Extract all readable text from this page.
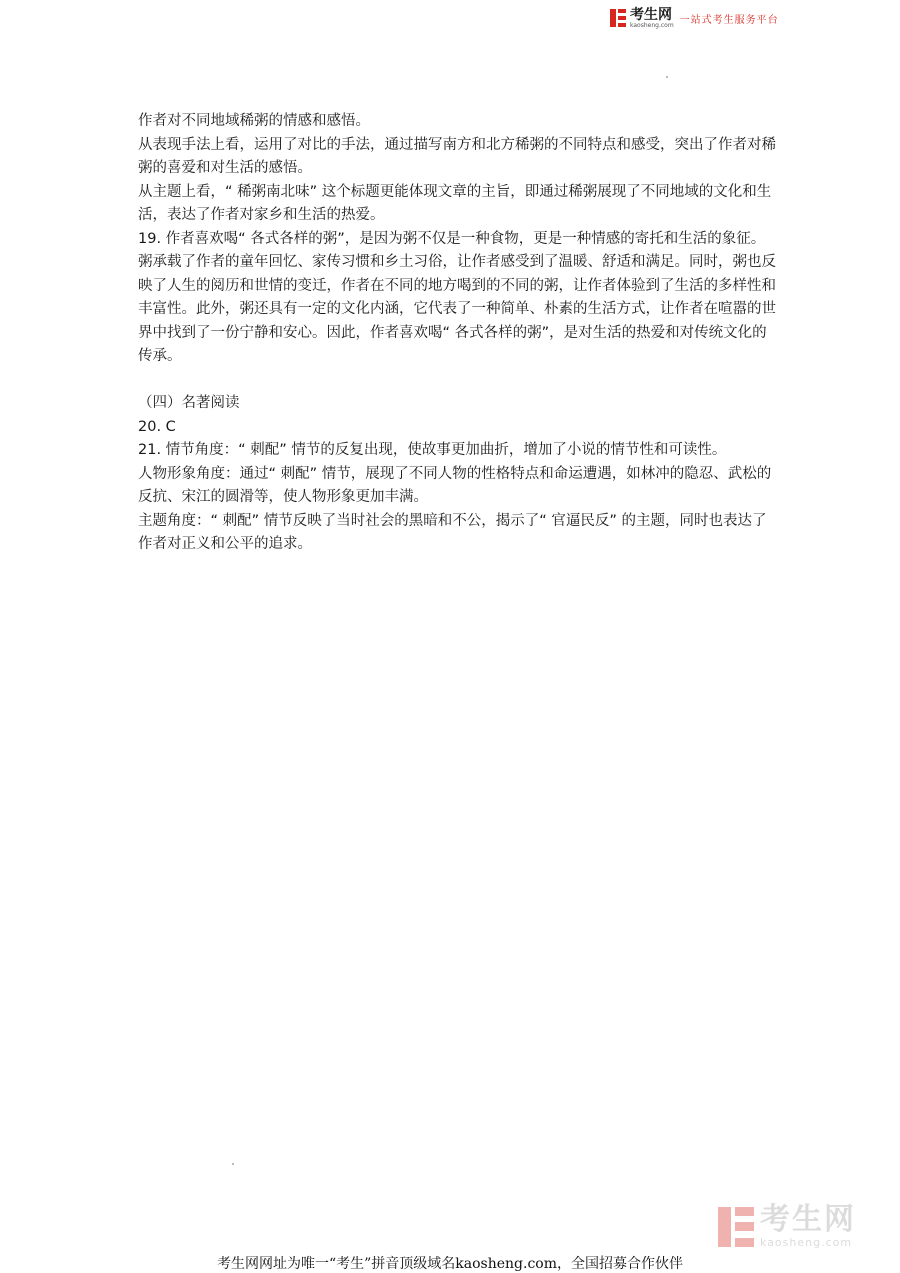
考生网
kaosheng.com 一站式考生服务平台

作者对不同地域稀粥的情感和感悟。

从表现手法上看，运用了对比的手法，通过描写南方和北方稀粥的不同特点和感受，突出了作者对稀粥的喜爱和对生活的感悟。

从主题上看，“ 稀粥南北味” 这个标题更能体现文章的主旨，即通过稀粥展现了不同地域的文化和生活，表达了作者对家乡和生活的热爱。

19. 作者喜欢喝“ 各式各样的粥”，是因为粥不仅是一种食物，更是一种情感的寄托和生活的象征。粥承载了作者的童年回忆、家传习惯和乡土习俗，让作者感受到了温暖、舒适和满足。同时，粥也反映了人生的阅历和世情的变迁，作者在不同的地方喝到的不同的粥，让作者体验到了生活的多样性和丰富性。此外，粥还具有一定的文化内涵，它代表了一种简单、朴素的生活方式，让作者在喧嚣的世界中找到了一份宁静和安心。因此，作者喜欢喝“ 各式各样的粥”，是对生活的热爱和对传统文化的传承。

（四）名著阅读

20. C

21. 情节角度：“ 刺配” 情节的反复出现，使故事更加曲折，增加了小说的情节性和可读性。

人物形象角度：通过“ 刺配” 情节，展现了不同人物的性格特点和命运遭遇，如林冲的隐忍、武松的反抗、宋江的圆滑等，使人物形象更加丰满。

主题角度：“ 刺配” 情节反映了当时社会的黑暗和不公，揭示了“ 官逼民反” 的主题，同时也表达了作者对正义和公平的追求。

考生网
kaosheng.com
考生网网址为唯一“考生”拼音顶级域名kaosheng.com，全国招募合作伙伴
